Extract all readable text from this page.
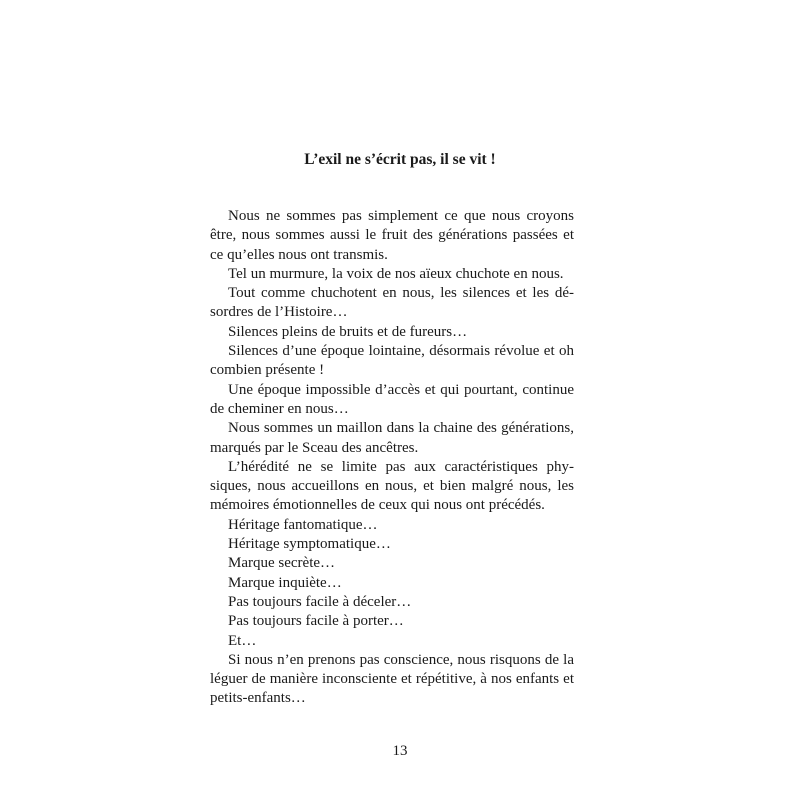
L’exil ne s’écrit pas, il se vit !

Nous ne sommes pas simplement ce que nous croyons être, nous sommes aussi le fruit des générations passées et ce qu’elles nous ont transmis.

Tel un murmure, la voix de nos aïeux chuchote en nous.

Tout comme chuchotent en nous, les silences et les désordres de l’Histoire…

Silences pleins de bruits et de fureurs…

Silences d’une époque lointaine, désormais révolue et oh combien présente !

Une époque impossible d’accès et qui pourtant, continue de cheminer en nous…

Nous sommes un maillon dans la chaine des générations, marqués par le Sceau des ancêtres.

L’hérédité ne se limite pas aux caractéristiques physiques, nous accueillons en nous, et bien malgré nous, les mémoires émotionnelles de ceux qui nous ont précédés.

Héritage fantomatique…

Héritage symptomatique…

Marque secrète…

Marque inquiète…

Pas toujours facile à déceler…

Pas toujours facile à porter…

Et…

Si nous n’en prenons pas conscience, nous risquons de la léguer de manière inconsciente et répétitive, à nos enfants et petits-enfants…

13
